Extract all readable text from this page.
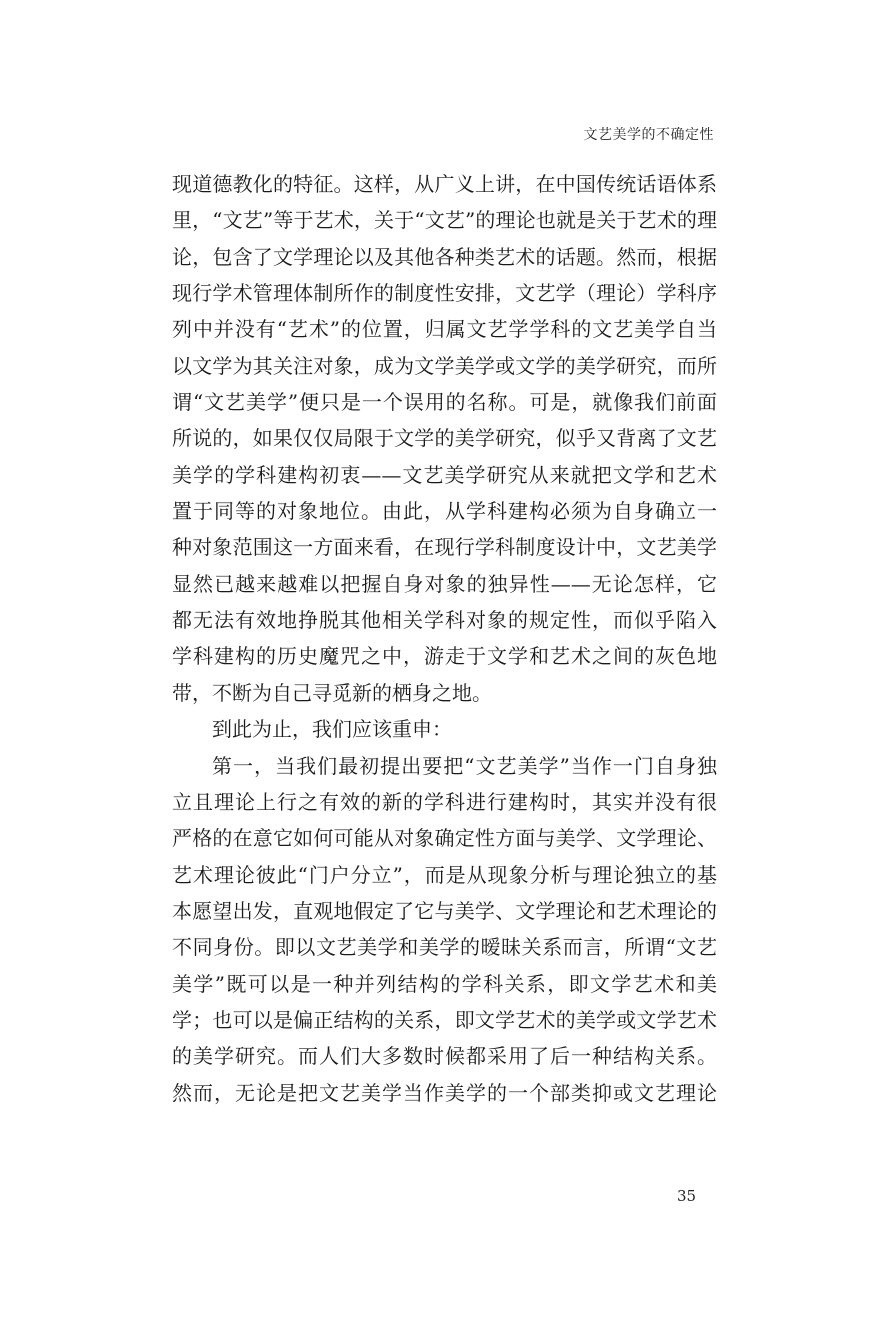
文艺美学的不确定性
现道德教化的特征。这样，从广义上讲，在中国传统话语体系
里，“文艺”等于艺术，关于“文艺”的理论也就是关于艺术的理
论，包含了文学理论以及其他各种类艺术的话题。然而，根据
现行学术管理体制所作的制度性安排，文艺学（理论）学科序
列中并没有“艺术”的位置，归属文艺学学科的文艺美学自当
以文学为其关注对象，成为文学美学或文学的美学研究，而所
谓“文艺美学”便只是一个误用的名称。可是，就像我们前面
所说的，如果仅仅局限于文学的美学研究，似乎又背离了文艺
美学的学科建构初衷——文艺美学研究从来就把文学和艺术
置于同等的对象地位。由此，从学科建构必须为自身确立一
种对象范围这一方面来看，在现行学科制度设计中，文艺美学
显然已越来越难以把握自身对象的独异性——无论怎样，它
都无法有效地挣脱其他相关学科对象的规定性，而似乎陷入
学科建构的历史魔咒之中，游走于文学和艺术之间的灰色地
带，不断为自己寻觅新的栖身之地。
到此为止，我们应该重申：
第一，当我们最初提出要把“文艺美学”当作一门自身独
立且理论上行之有效的新的学科进行建构时，其实并没有很
严格的在意它如何可能从对象确定性方面与美学、文学理论、
艺术理论彼此“门户分立”，而是从现象分析与理论独立的基
本愿望出发，直观地假定了它与美学、文学理论和艺术理论的
不同身份。即以文艺美学和美学的暧昧关系而言，所谓“文艺
美学”既可以是一种并列结构的学科关系，即文学艺术和美
学；也可以是偏正结构的关系，即文学艺术的美学或文学艺术
的美学研究。而人们大多数时候都采用了后一种结构关系。
然而，无论是把文艺美学当作美学的一个部类抑或文艺理论
35
